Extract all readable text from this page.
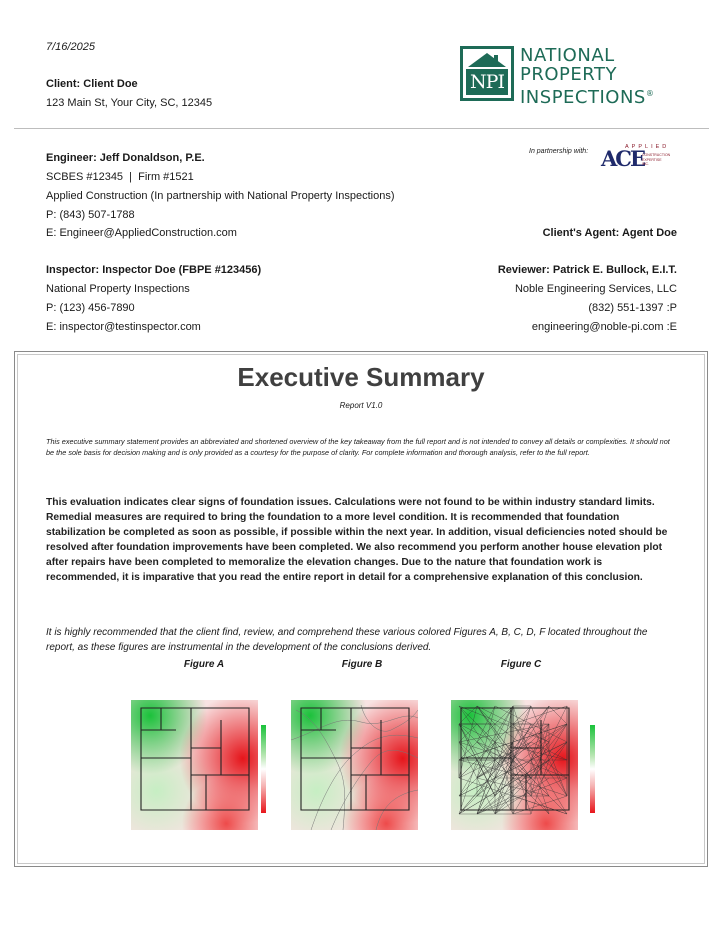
7/16/2025
Client: Client Doe
123 Main St, Your City, SC, 12345
NPI
NATIONAL
PROPERTY
INSPECTIONS®
In partnership with:
APPLIED
ACE
CONSTRUCTION
EXPERTISE
INC.
Engineer: Jeff Donaldson, P.E.
SCBES #12345  |  Firm #1521
Applied Construction (In partnership with National Property Inspections)
P: (843) 507-1788
E: Engineer@AppliedConstruction.com	Client's Agent: Agent Doe
Inspector: Inspector Doe (FBPE #123456)
National Property Inspections
P: (123) 456-7890
E: inspector@testinspector.com
Reviewer: Patrick E. Bullock, E.I.T.
Noble Engineering Services, LLC
(832) 551-1397 :P
engineering@noble-pi.com :E
Executive Summary
Report V1.0
This executive summary statement provides an abbreviated and shortened overview of the key takeaway from the full report and is not intended to convey all details or complexities. It should not be the sole basis for decision making and is only provided as a courtesy for the purpose of clarity. For complete information and thorough analysis, refer to the full report.
This evaluation indicates clear signs of foundation issues. Calculations were not found to be within industry standard limits. Remedial measures are required to bring the foundation to a more level condition. It is recommended that foundation stabilization be completed as soon as possible, if possible within the next year. In addition, visual deficiencies noted should be resolved after foundation improvements have been completed. We also recommend you perform another house elevation plot after repairs have been completed to memoralize the elevation changes. Due to the nature that foundation work is recommended, it is imparative that you read the entire report in detail for a comprehensive explanation of this conclusion.
It is highly recommended that the client find, review, and comprehend these various colored Figures A, B, C, D, F located throughout the report, as these figures are instrumental in the development of the conclusions derived.
Figure A	Figure B	Figure C
